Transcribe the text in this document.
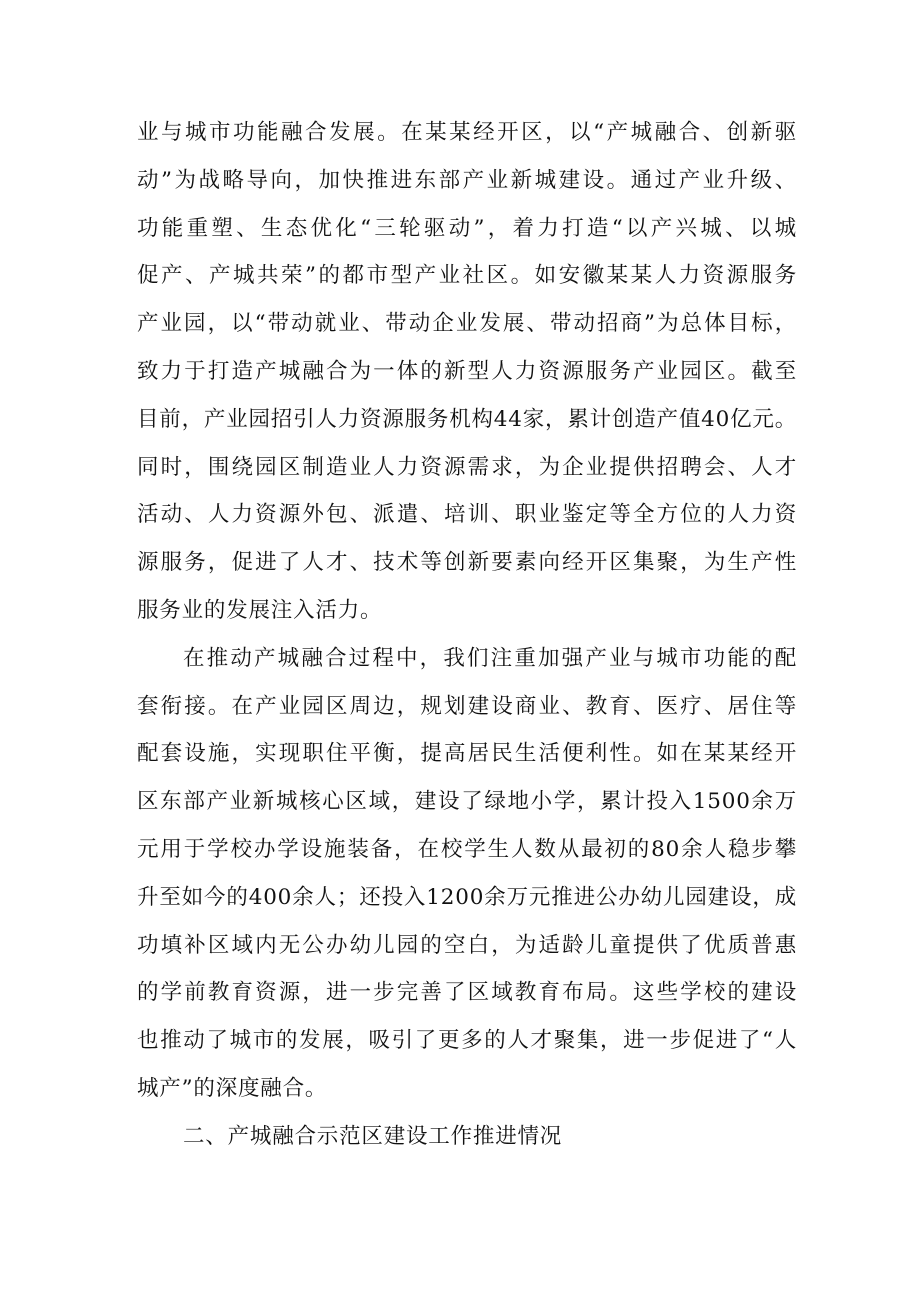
业与城市功能融合发展。在某某经开区，以“产城融合、创新驱
动”为战略导向，加快推进东部产业新城建设。通过产业升级、
功能重塑、生态优化“三轮驱动”，着力打造“以产兴城、以城
促产、产城共荣”的都市型产业社区。如安徽某某人力资源服务
产业园，以“带动就业、带动企业发展、带动招商”为总体目标，
致力于打造产城融合为一体的新型人力资源服务产业园区。截至
目前，产业园招引人力资源服务机构44家，累计创造产值40亿元。
同时，围绕园区制造业人力资源需求，为企业提供招聘会、人才
活动、人力资源外包、派遣、培训、职业鉴定等全方位的人力资
源服务，促进了人才、技术等创新要素向经开区集聚，为生产性
服务业的发展注入活力。
在推动产城融合过程中，我们注重加强产业与城市功能的配
套衔接。在产业园区周边，规划建设商业、教育、医疗、居住等
配套设施，实现职住平衡，提高居民生活便利性。如在某某经开
区东部产业新城核心区域，建设了绿地小学，累计投入1500余万
元用于学校办学设施装备，在校学生人数从最初的80余人稳步攀
升至如今的400余人；还投入1200余万元推进公办幼儿园建设，成
功填补区域内无公办幼儿园的空白，为适龄儿童提供了优质普惠
的学前教育资源，进一步完善了区域教育布局。这些学校的建设
也推动了城市的发展，吸引了更多的人才聚集，进一步促进了“人
城产”的深度融合。
二、产城融合示范区建设工作推进情况
